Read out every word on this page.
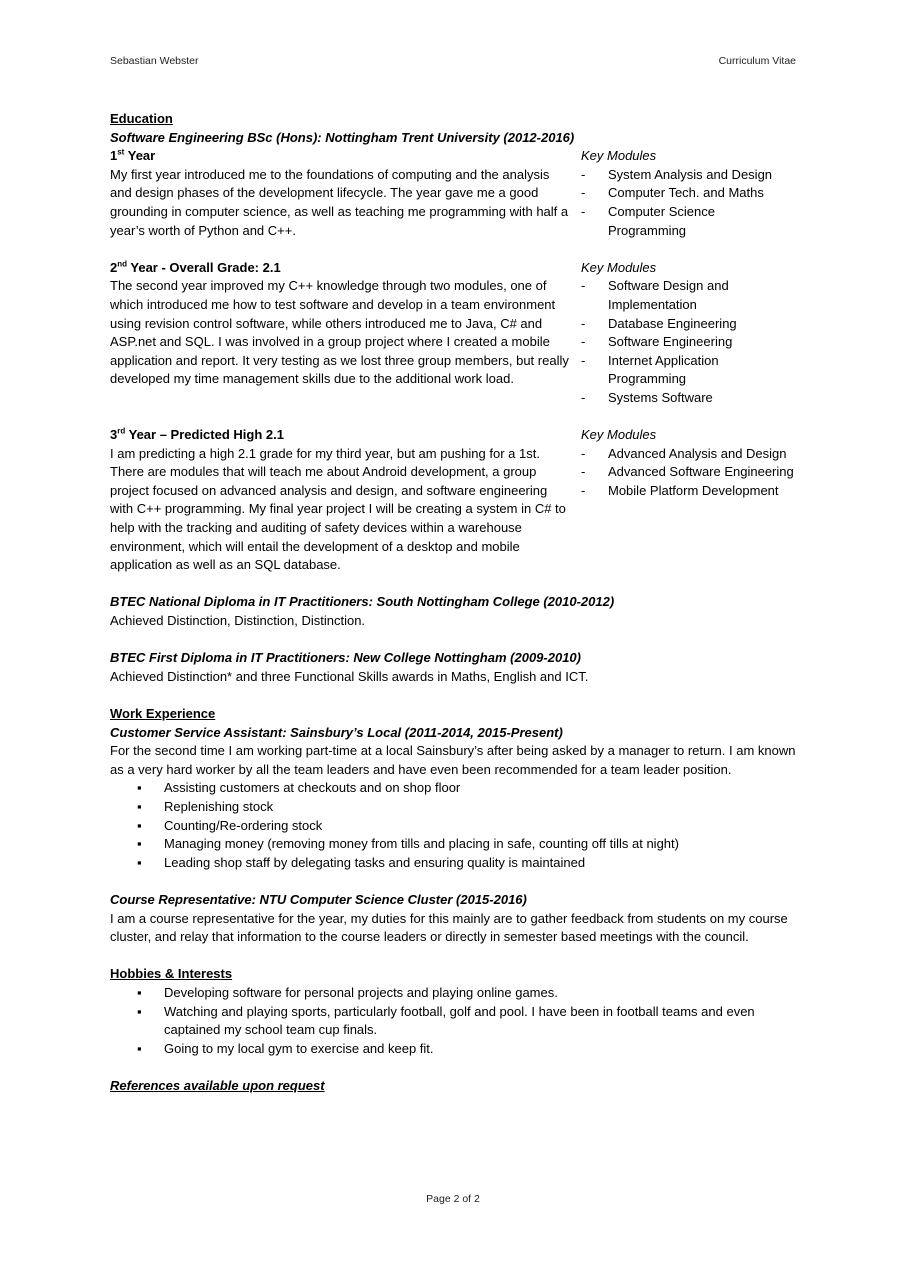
Sebastian Webster	Curriculum Vitae

Education

Software Engineering BSc (Hons): Nottingham Trent University (2012-2016)

1st Year

My first year introduced me to the foundations of computing and the analysis and design phases of the development lifecycle. The year gave me a good grounding in computer science, as well as teaching me programming with half a year’s worth of Python and C++.

Key Modules
- System Analysis and Design
- Computer Tech. and Maths
- Computer Science Programming
2nd Year - Overall Grade: 2.1

The second year improved my C++ knowledge through two modules, one of which introduced me how to test software and develop in a team environment using revision control software, while others introduced me to Java, C# and ASP.net and SQL. I was involved in a group project where I created a mobile application and report. It very testing as we lost three group members, but really developed my time management skills due to the additional work load.

Key Modules
- Software Design and Implementation
- Database Engineering
- Software Engineering
- Internet Application Programming
- Systems Software
3rd Year – Predicted High 2.1

I am predicting a high 2.1 grade for my third year, but am pushing for a 1st. There are modules that will teach me about Android development, a group project focused on advanced analysis and design, and software engineering with C++ programming. My final year project I will be creating a system in C# to help with the tracking and auditing of safety devices within a warehouse environment, which will entail the development of a desktop and mobile application as well as an SQL database.

Key Modules
- Advanced Analysis and Design
- Advanced Software Engineering
- Mobile Platform Development

BTEC National Diploma in IT Practitioners: South Nottingham College (2010-2012)

Achieved Distinction, Distinction, Distinction.

BTEC First Diploma in IT Practitioners: New College Nottingham (2009-2010)

Achieved Distinction* and three Functional Skills awards in Maths, English and ICT.

Work Experience

Customer Service Assistant: Sainsbury’s Local (2011-2014, 2015-Present)

For the second time I am working part-time at a local Sainsbury’s after being asked by a manager to return. I am known as a very hard worker by all the team leaders and have even been recommended for a team leader position.

▪ Assisting customers at checkouts and on shop floor
▪ Replenishing stock
▪ Counting/Re-ordering stock
▪ Managing money (removing money from tills and placing in safe, counting off tills at night)
▪ Leading shop staff by delegating tasks and ensuring quality is maintained

Course Representative: NTU Computer Science Cluster (2015-2016)

I am a course representative for the year, my duties for this mainly are to gather feedback from students on my course cluster, and relay that information to the course leaders or directly in semester based meetings with the council.

Hobbies & Interests

▪ Developing software for personal projects and playing online games.
▪ Watching and playing sports, particularly football, golf and pool. I have been in football teams and even captained my school team cup finals.
▪ Going to my local gym to exercise and keep fit.

References available upon request

Page 2 of 2
